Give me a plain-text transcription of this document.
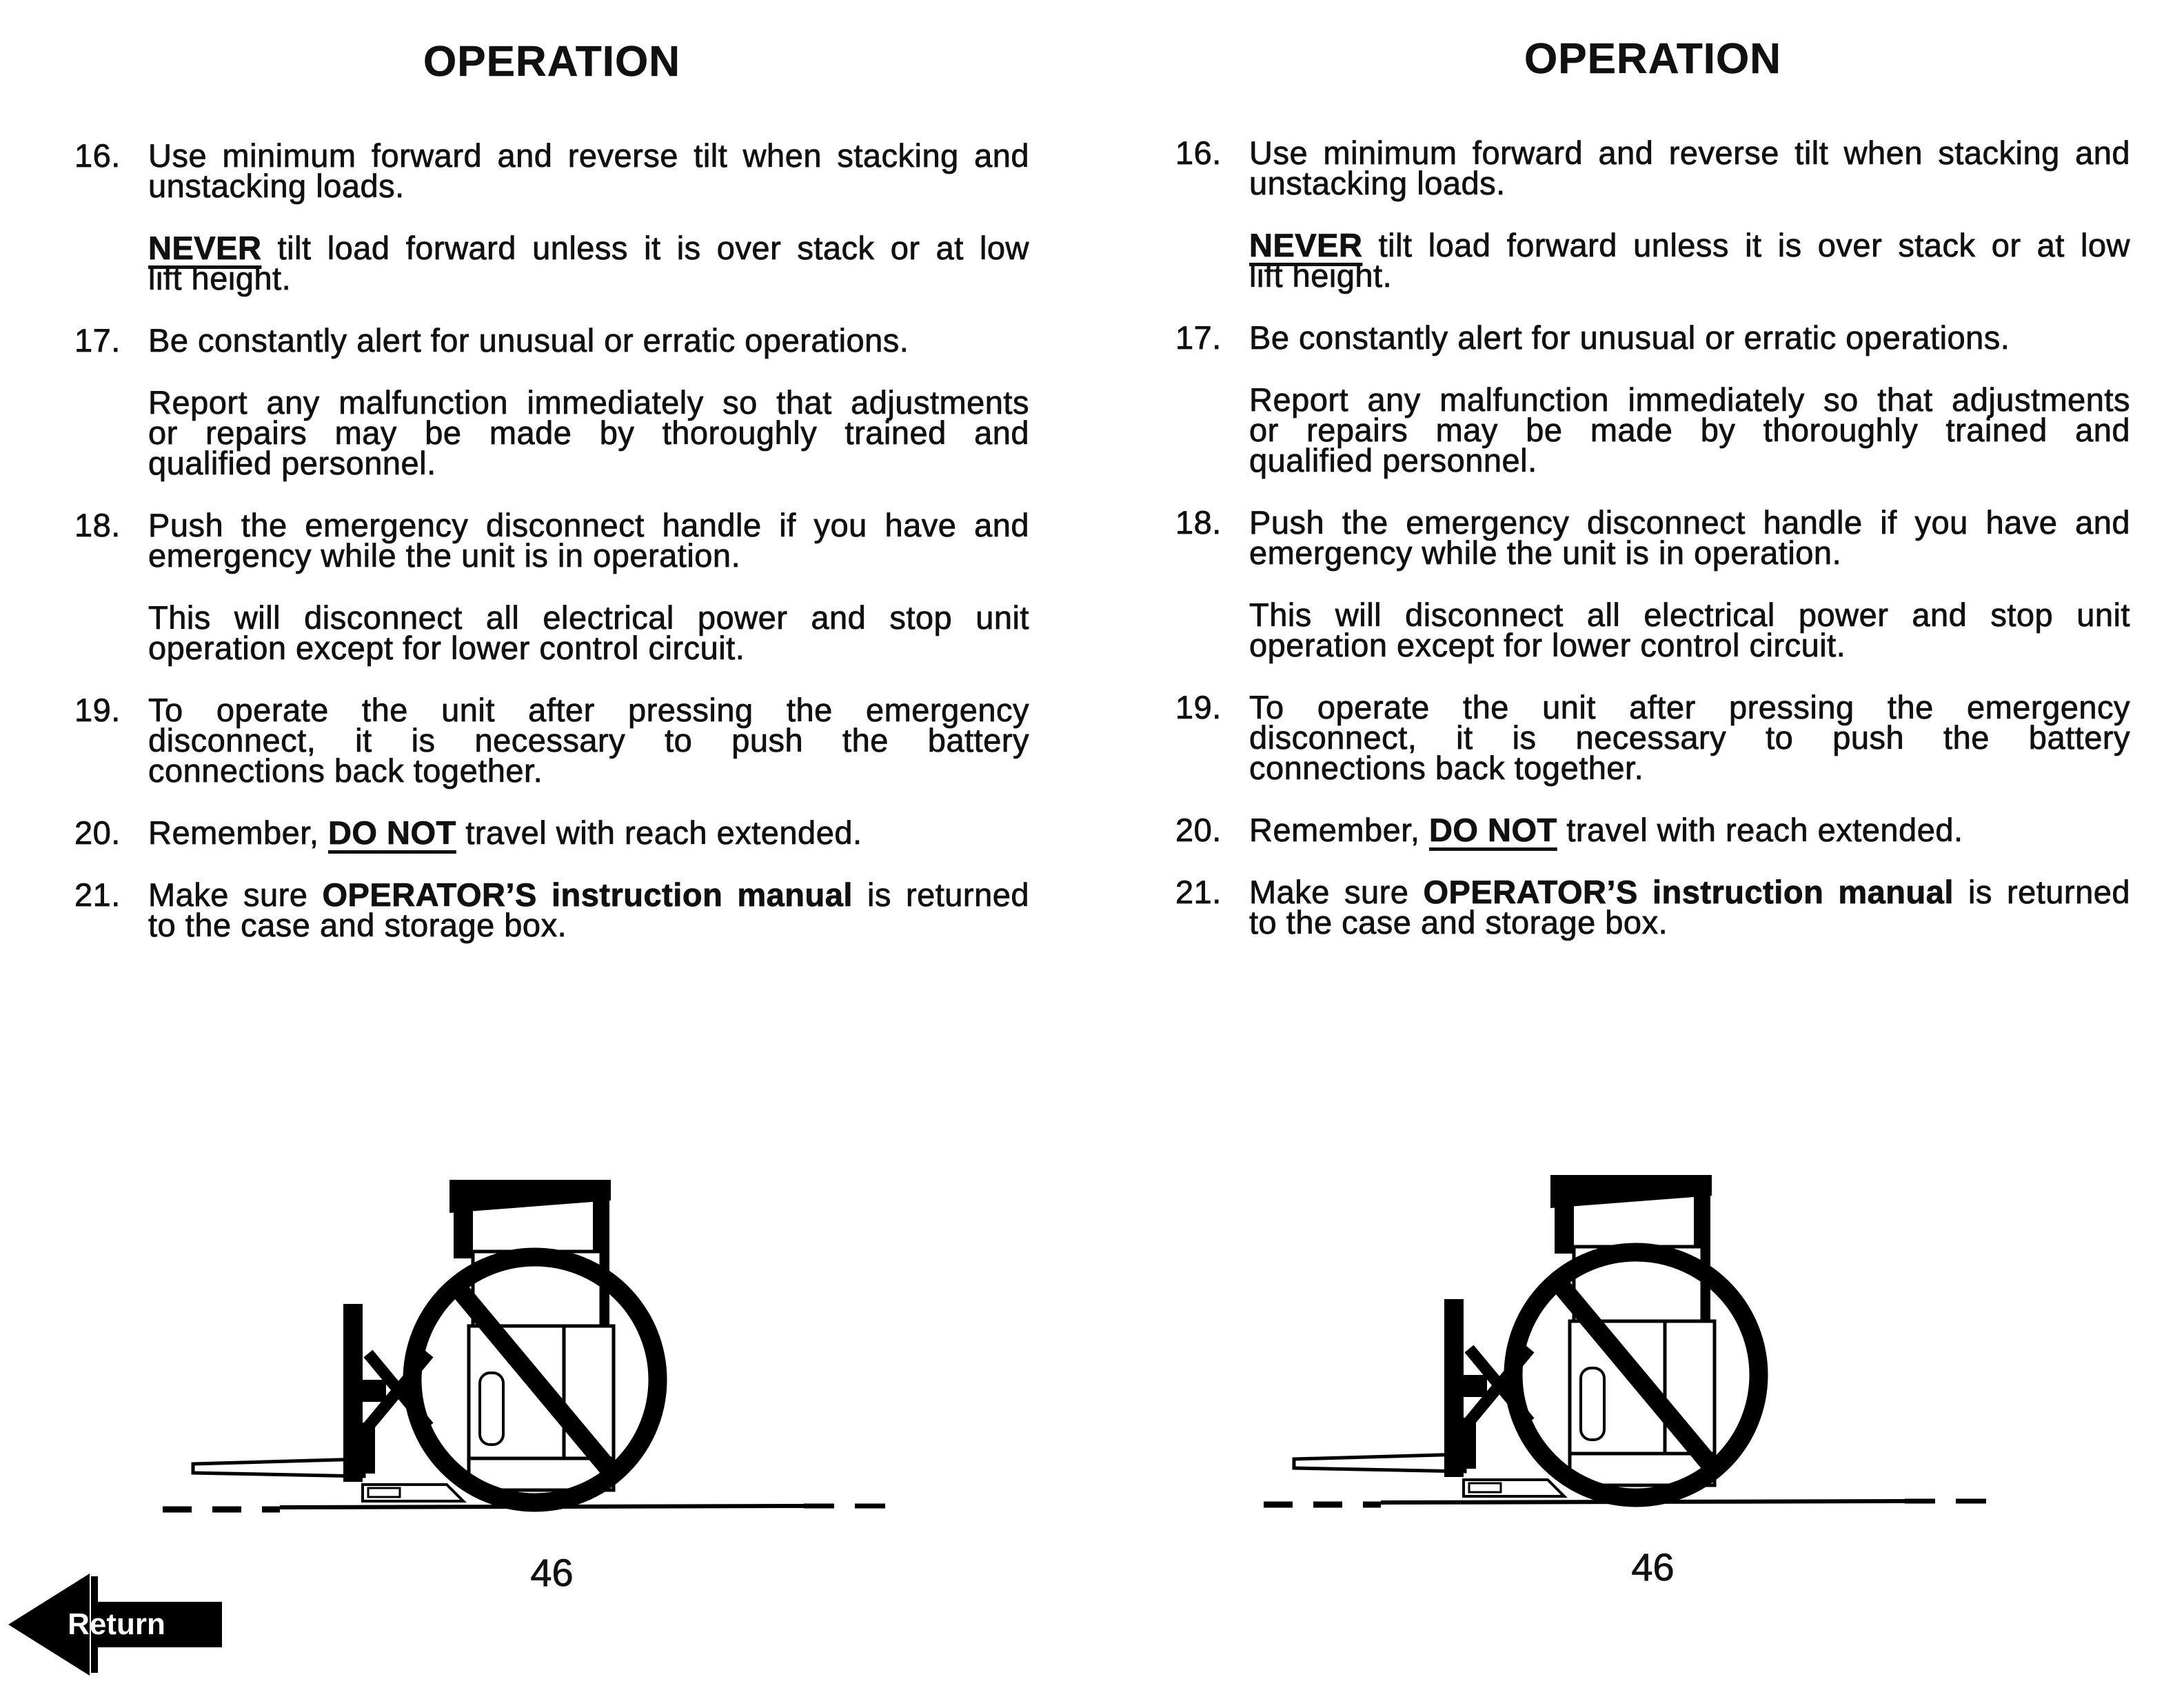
OPERATION
16. Use minimum forward and reverse tilt when stacking and
unstacking loads.
NEVER tilt load forward unless it is over stack or at low
lift height.
17. Be constantly alert for unusual or erratic operations.
Report any malfunction immediately so that adjustments
or repairs may be made by thoroughly trained and
qualified personnel.
18. Push the emergency disconnect handle if you have and
emergency while the unit is in operation.
This will disconnect all electrical power and stop unit
operation except for lower control circuit.
19. To operate the unit after pressing the emergency
disconnect, it is necessary to push the battery
connections back together.
20. Remember, DO NOT travel with reach extended.
21. Make sure OPERATOR’S instruction manual is returned
to the case and storage box.
OPERATION
16. Use minimum forward and reverse tilt when stacking and
unstacking loads.
NEVER tilt load forward unless it is over stack or at low
lift height.
17. Be constantly alert for unusual or erratic operations.
Report any malfunction immediately so that adjustments
or repairs may be made by thoroughly trained and
qualified personnel.
18. Push the emergency disconnect handle if you have and
emergency while the unit is in operation.
This will disconnect all electrical power and stop unit
operation except for lower control circuit.
19. To operate the unit after pressing the emergency
disconnect, it is necessary to push the battery
connections back together.
20. Remember, DO NOT travel with reach extended.
21. Make sure OPERATOR’S instruction manual is returned
to the case and storage box.
46	46
Return
